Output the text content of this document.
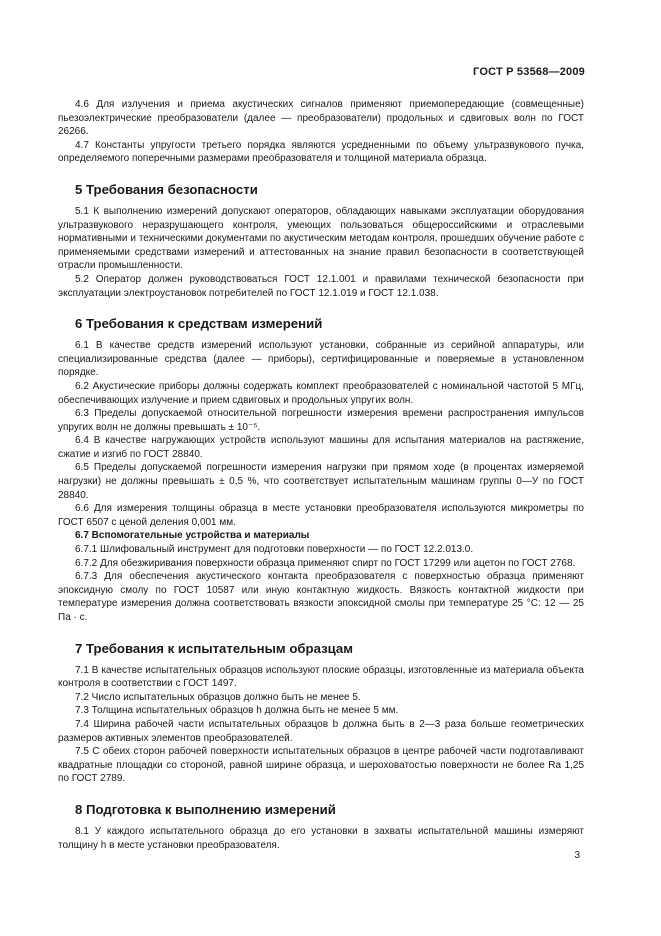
ГОСТ Р 53568—2009

4.6 Для излучения и приема акустических сигналов применяют приемопередающие (совмещенные) пьезоэлектрические преобразователи (далее — преобразователи) продольных и сдвиговых волн по ГОСТ 26266.

4.7 Константы упругости третьего порядка являются усредненными по объему ультразвукового пучка, определяемого поперечными размерами преобразователя и толщиной материала образца.

5 Требования безопасности

5.1 К выполнению измерений допускают операторов, обладающих навыками эксплуатации оборудования ультразвукового неразрушающего контроля, умеющих пользоваться общероссийскими и отраслевыми нормативными и техническими документами по акустическим методам контроля, прошедших обучение работе с применяемыми средствами измерений и аттестованных на знание правил безопасности в соответствующей отрасли промышленности.

5.2 Оператор должен руководствоваться ГОСТ 12.1.001 и правилами технической безопасности при эксплуатации электроустановок потребителей по ГОСТ 12.1.019 и ГОСТ 12.1.038.

6 Требования к средствам измерений

6.1 В качестве средств измерений используют установки, собранные из серийной аппаратуры, или специализированные средства (далее — приборы), сертифицированные и поверяемые в установленном порядке.

6.2 Акустические приборы должны содержать комплект преобразователей с номинальной частотой 5 МГц, обеспечивающих излучение и прием сдвиговых и продольных упругих волн.

6.3 Пределы допускаемой относительной погрешности измерения времени распространения импульсов упругих волн не должны превышать ± 10⁻⁵.

6.4 В качестве нагружающих устройств используют машины для испытания материалов на растяжение, сжатие и изгиб по ГОСТ 28840.

6.5 Пределы допускаемой погрешности измерения нагрузки при прямом ходе (в процентах измеряемой нагрузки) не должны превышать ± 0,5 %, что соответствует испытательным машинам группы 0—У по ГОСТ 28840.

6.6 Для измерения толщины образца в месте установки преобразователя используются микрометры по ГОСТ 6507 с ценой деления 0,001 мм.

6.7 Вспомогательные устройства и материалы

6.7.1 Шлифовальный инструмент для подготовки поверхности — по ГОСТ 12.2.013.0.

6.7.2 Для обезжиривания поверхности образца применяют спирт по ГОСТ 17299 или ацетон по ГОСТ 2768.

6.7.3 Для обеспечения акустического контакта преобразователя с поверхностью образца применяют эпоксидную смолу по ГОСТ 10587 или иную контактную жидкость. Вязкость контактной жидкости при температуре измерения должна соответствовать вязкости эпоксидной смолы при температуре 25 °С: 12 — 25 Па · с.

7 Требования к испытательным образцам

7.1 В качестве испытательных образцов используют плоские образцы, изготовленные из материала объекта контроля в соответствии с ГОСТ 1497.

7.2 Число испытательных образцов должно быть не менее 5.

7.3 Толщина испытательных образцов h должна быть не менее 5 мм.

7.4 Ширина рабочей части испытательных образцов b должна быть в 2—3 раза больше геометрических размеров активных элементов преобразователей.

7.5 С обеих сторон рабочей поверхности испытательных образцов в центре рабочей части подготавливают квадратные площадки со стороной, равной ширине образца, и шероховатостью поверхности не более Ra 1,25 по ГОСТ 2789.

8 Подготовка к выполнению измерений

8.1 У каждого испытательного образца до его установки в захваты испытательной машины измеряют толщину h в месте установки преобразователя.

3
